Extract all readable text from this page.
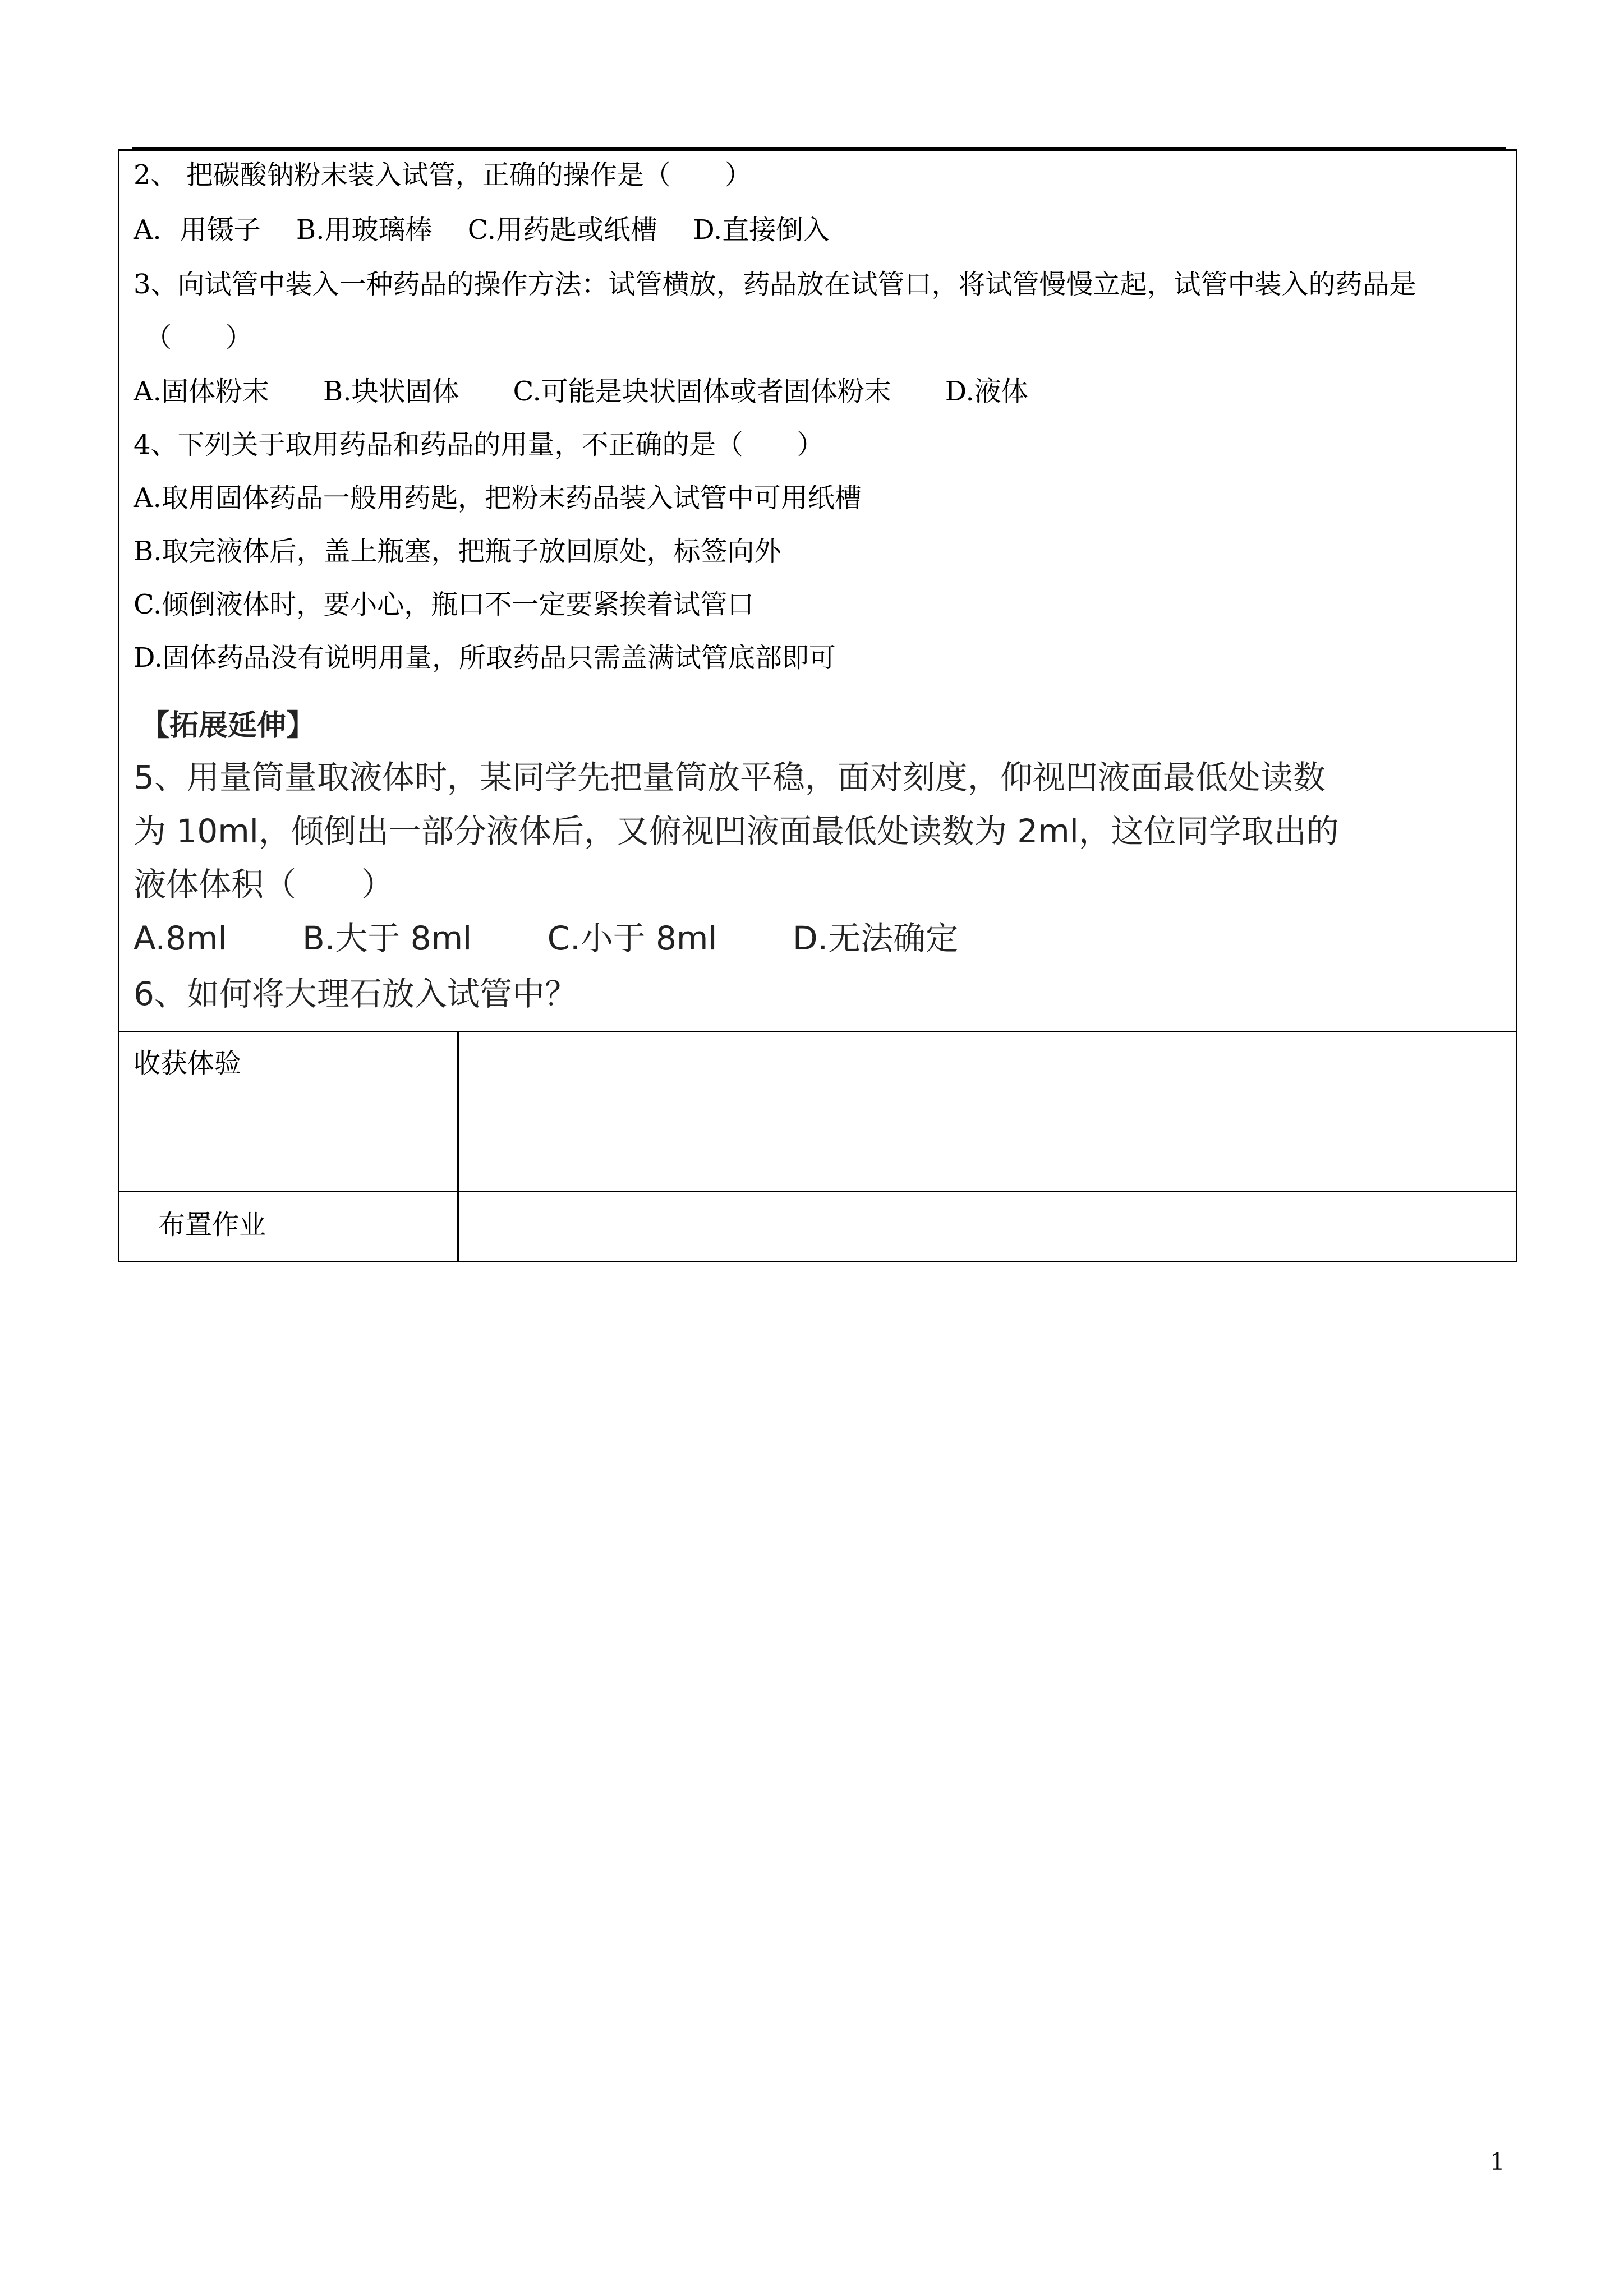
2、 把碳酸钠粉末装入试管，正确的操作是（　　）
A．用镊子　 B.用玻璃棒　 C.用药匙或纸槽　 D.直接倒入
3、向试管中装入一种药品的操作方法：试管横放，药品放在试管口，将试管慢慢立起，试管中装入的药品是
（　　）
A.固体粉末　　B.块状固体　　C.可能是块状固体或者固体粉末　　D.液体
4、下列关于取用药品和药品的用量，不正确的是（　　）
A.取用固体药品一般用药匙，把粉末药品装入试管中可用纸槽
B.取完液体后，盖上瓶塞，把瓶子放回原处，标签向外
C.倾倒液体时，要小心，瓶口不一定要紧挨着试管口
D.固体药品没有说明用量，所取药品只需盖满试管底部即可
【拓展延伸】
5、用量筒量取液体时，某同学先把量筒放平稳，面对刻度，仰视凹液面最低处读数
为 10ml，倾倒出一部分液体后，又俯视凹液面最低处读数为 2ml，这位同学取出的
液体体积（　　）
A.8ml　　 B.大于 8ml　　 C.小于 8ml　　 D.无法确定
6、如何将大理石放入试管中？
收获体验
布置作业
1
